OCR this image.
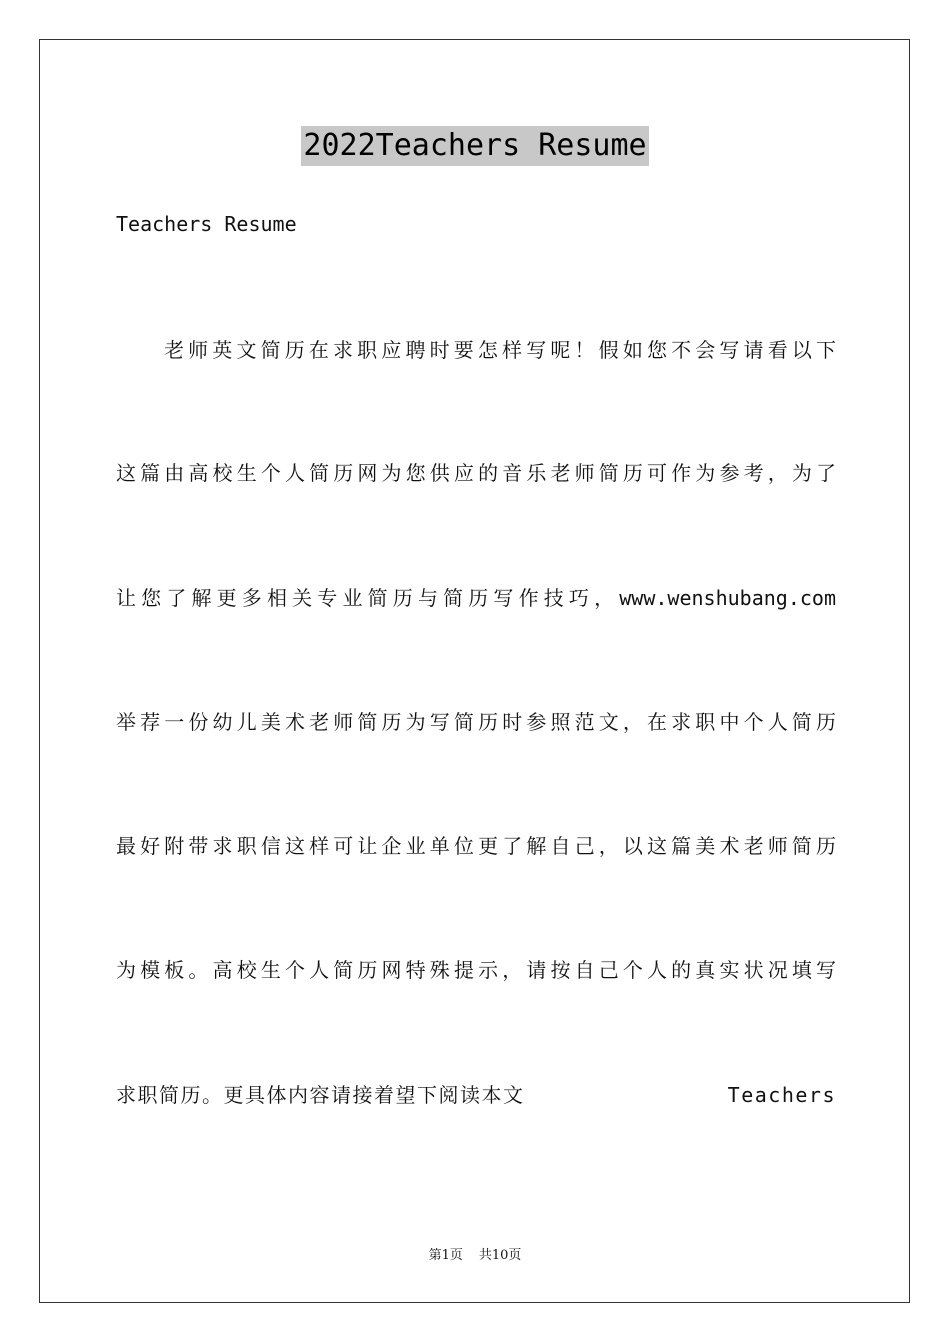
2022Teachers Resume
Teachers Resume
老师英文简历在求职应聘时要怎样写呢！假如您不会写请看以下
这篇由高校生个人简历网为您供应的音乐老师简历可作为参考，为了
让您了解更多相关专业简历与简历写作技巧，www.wenshubang.com
举荐一份幼儿美术老师简历为写简历时参照范文，在求职中个人简历
最好附带求职信这样可让企业单位更了解自己，以这篇美术老师简历
为模板。高校生个人简历网特殊提示，请按自己个人的真实状况填写
求职简历。更具体内容请接着望下阅读本文	Teachers
第1页 共10页
